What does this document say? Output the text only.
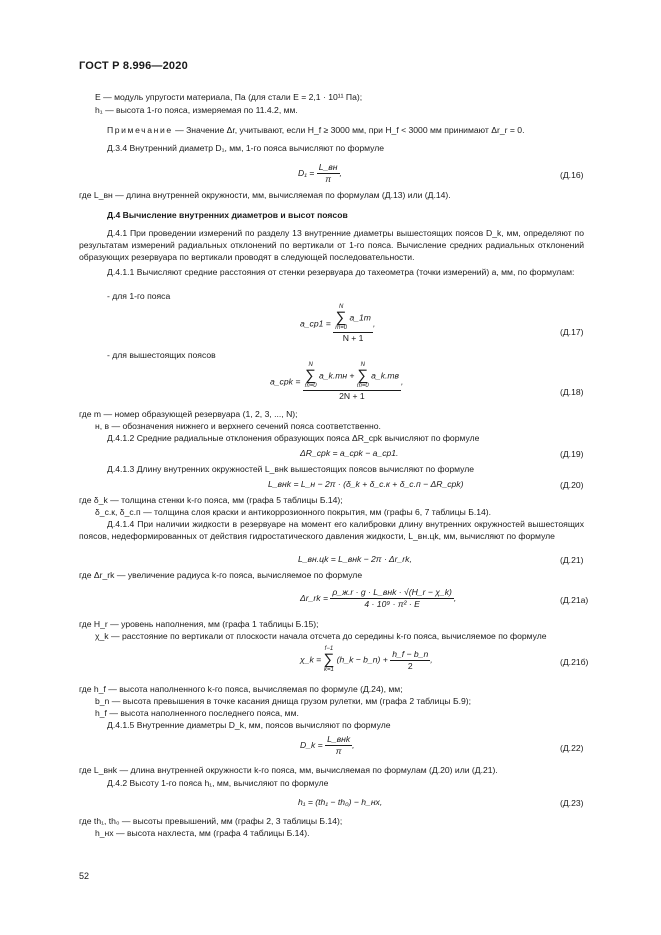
ГОСТ Р 8.996—2020
E — модуль упругости материала, Па (для стали E = 2,1 · 10¹¹ Па);
h₁ — высота 1-го пояса, измеряемая по 11.4.2, мм.
Примечание — Значение Δr, учитывают, если H_f ≥ 3000 мм, при H_f < 3000 мм принимают Δr_r = 0.
Д.3.4 Внутренний диаметр D₁, мм, 1-го пояса вычисляют по формуле
$D_1 = \frac{L\_вн}{\pi}$ ,	(Д.16)
где L_вн — длина внутренней окружности, мм, вычисляемая по формулам (Д.13) или (Д.14).
Д.4 Вычисление внутренних диаметров и высот поясов
Д.4.1 При проведении измерений по разделу 13 внутренние диаметры вышестоящих поясов D_k, мм, определяют по результатам измерений радиальных отклонений по вертикали от 1-го пояса. Вычисление средних радиальных отклонений образующих резервуара по вертикали проводят в следующей последовательности.
Д.4.1.1 Вычисляют средние расстояния от стенки резервуара до тахеометра (точки измерений) а, мм, по формулам:
- для 1-го пояса
a_ср1 = N
∑
m=0
a_1m
N + 1 ,
(Д.17)
- для вышестоящих поясов
a_срk = N
∑
m=0
a_k.mн +
N
∑
m=0
a_k.mв
2N + 1 ,
(Д.18)
где m — номер образующей резервуара (1, 2, 3, ..., N);
н, в — обозначения нижнего и верхнего сечений пояса соответственно.
Д.4.1.2 Средние радиальные отклонения образующих пояса ΔR_срk вычисляют по формуле
ΔR_срk = a_срk − a_ср1.	(Д.19)
Д.4.1.3 Длину внутренних окружностей L_внk вышестоящих поясов вычисляют по формуле
L_внk = L_н − 2π · (δ_k + δ_с.к + δ_с.п − ΔR_срk)	(Д.20)
где δ_k — толщина стенки k-го пояса, мм (графа 5 таблицы Б.14);
δ_с.к, δ_с.п — толщина слоя краски и антикоррозионного покрытия, мм (графы 6, 7 таблицы Б.14).
Д.4.1.4 При наличии жидкости в резервуаре на момент его калибровки длину внутренних окружностей вышестоящих поясов, недеформированных от действия гидростатического давления жидкости, L_вн.цk, мм, вычисляют по формуле
L_вн.цk = L_внk − 2π · Δr_rk,	(Д.21)
где Δr_rk — увеличение радиуса k-го пояса, вычисляемое по формуле
Δr_rk = $\frac{\text{ρ\_ж.r · g · L\_внk · √(H\_r − χ\_k)}}{\text{4 · 10⁹ · π² · E}}$ ,	(Д.21а)
где H_r — уровень наполнения, мм (графа 1 таблицы Б.15);
χ_k — расстояние по вертикали от плоскости начала отсчета до середины k-го пояса, вычисляемое по формуле
χ_k =
f−1
∑
k=1
(h_k − b_n) + $\frac{h\_f - b\_n}{2}$ ,	(Д.21б)
где h_f — высота наполненного k-го пояса, вычисляемая по формуле (Д.24), мм;
b_n — высота превышения в точке касания днища грузом рулетки, мм (графа 2 таблицы Б.9);
h_f — высота наполненного последнего пояса, мм.
Д.4.1.5 Внутренние диаметры D_k, мм, поясов вычисляют по формуле
D_k = $\frac{\text{L\_внk}}{\pi}$ ,	(Д.22)
где L_внk — длина внутренней окружности k-го пояса, мм, вычисляемая по формулам (Д.20) или (Д.21).
Д.4.2 Высоту 1-го пояса h₁, мм, вычисляют по формуле
h₁ = (th₁ − th₀) − h_нх,	(Д.23)
где th₁, th₀ — высоты превышений, мм (графы 2, 3 таблицы Б.14);
h_нх — высота нахлеста, мм (графа 4 таблицы Б.14).
52
